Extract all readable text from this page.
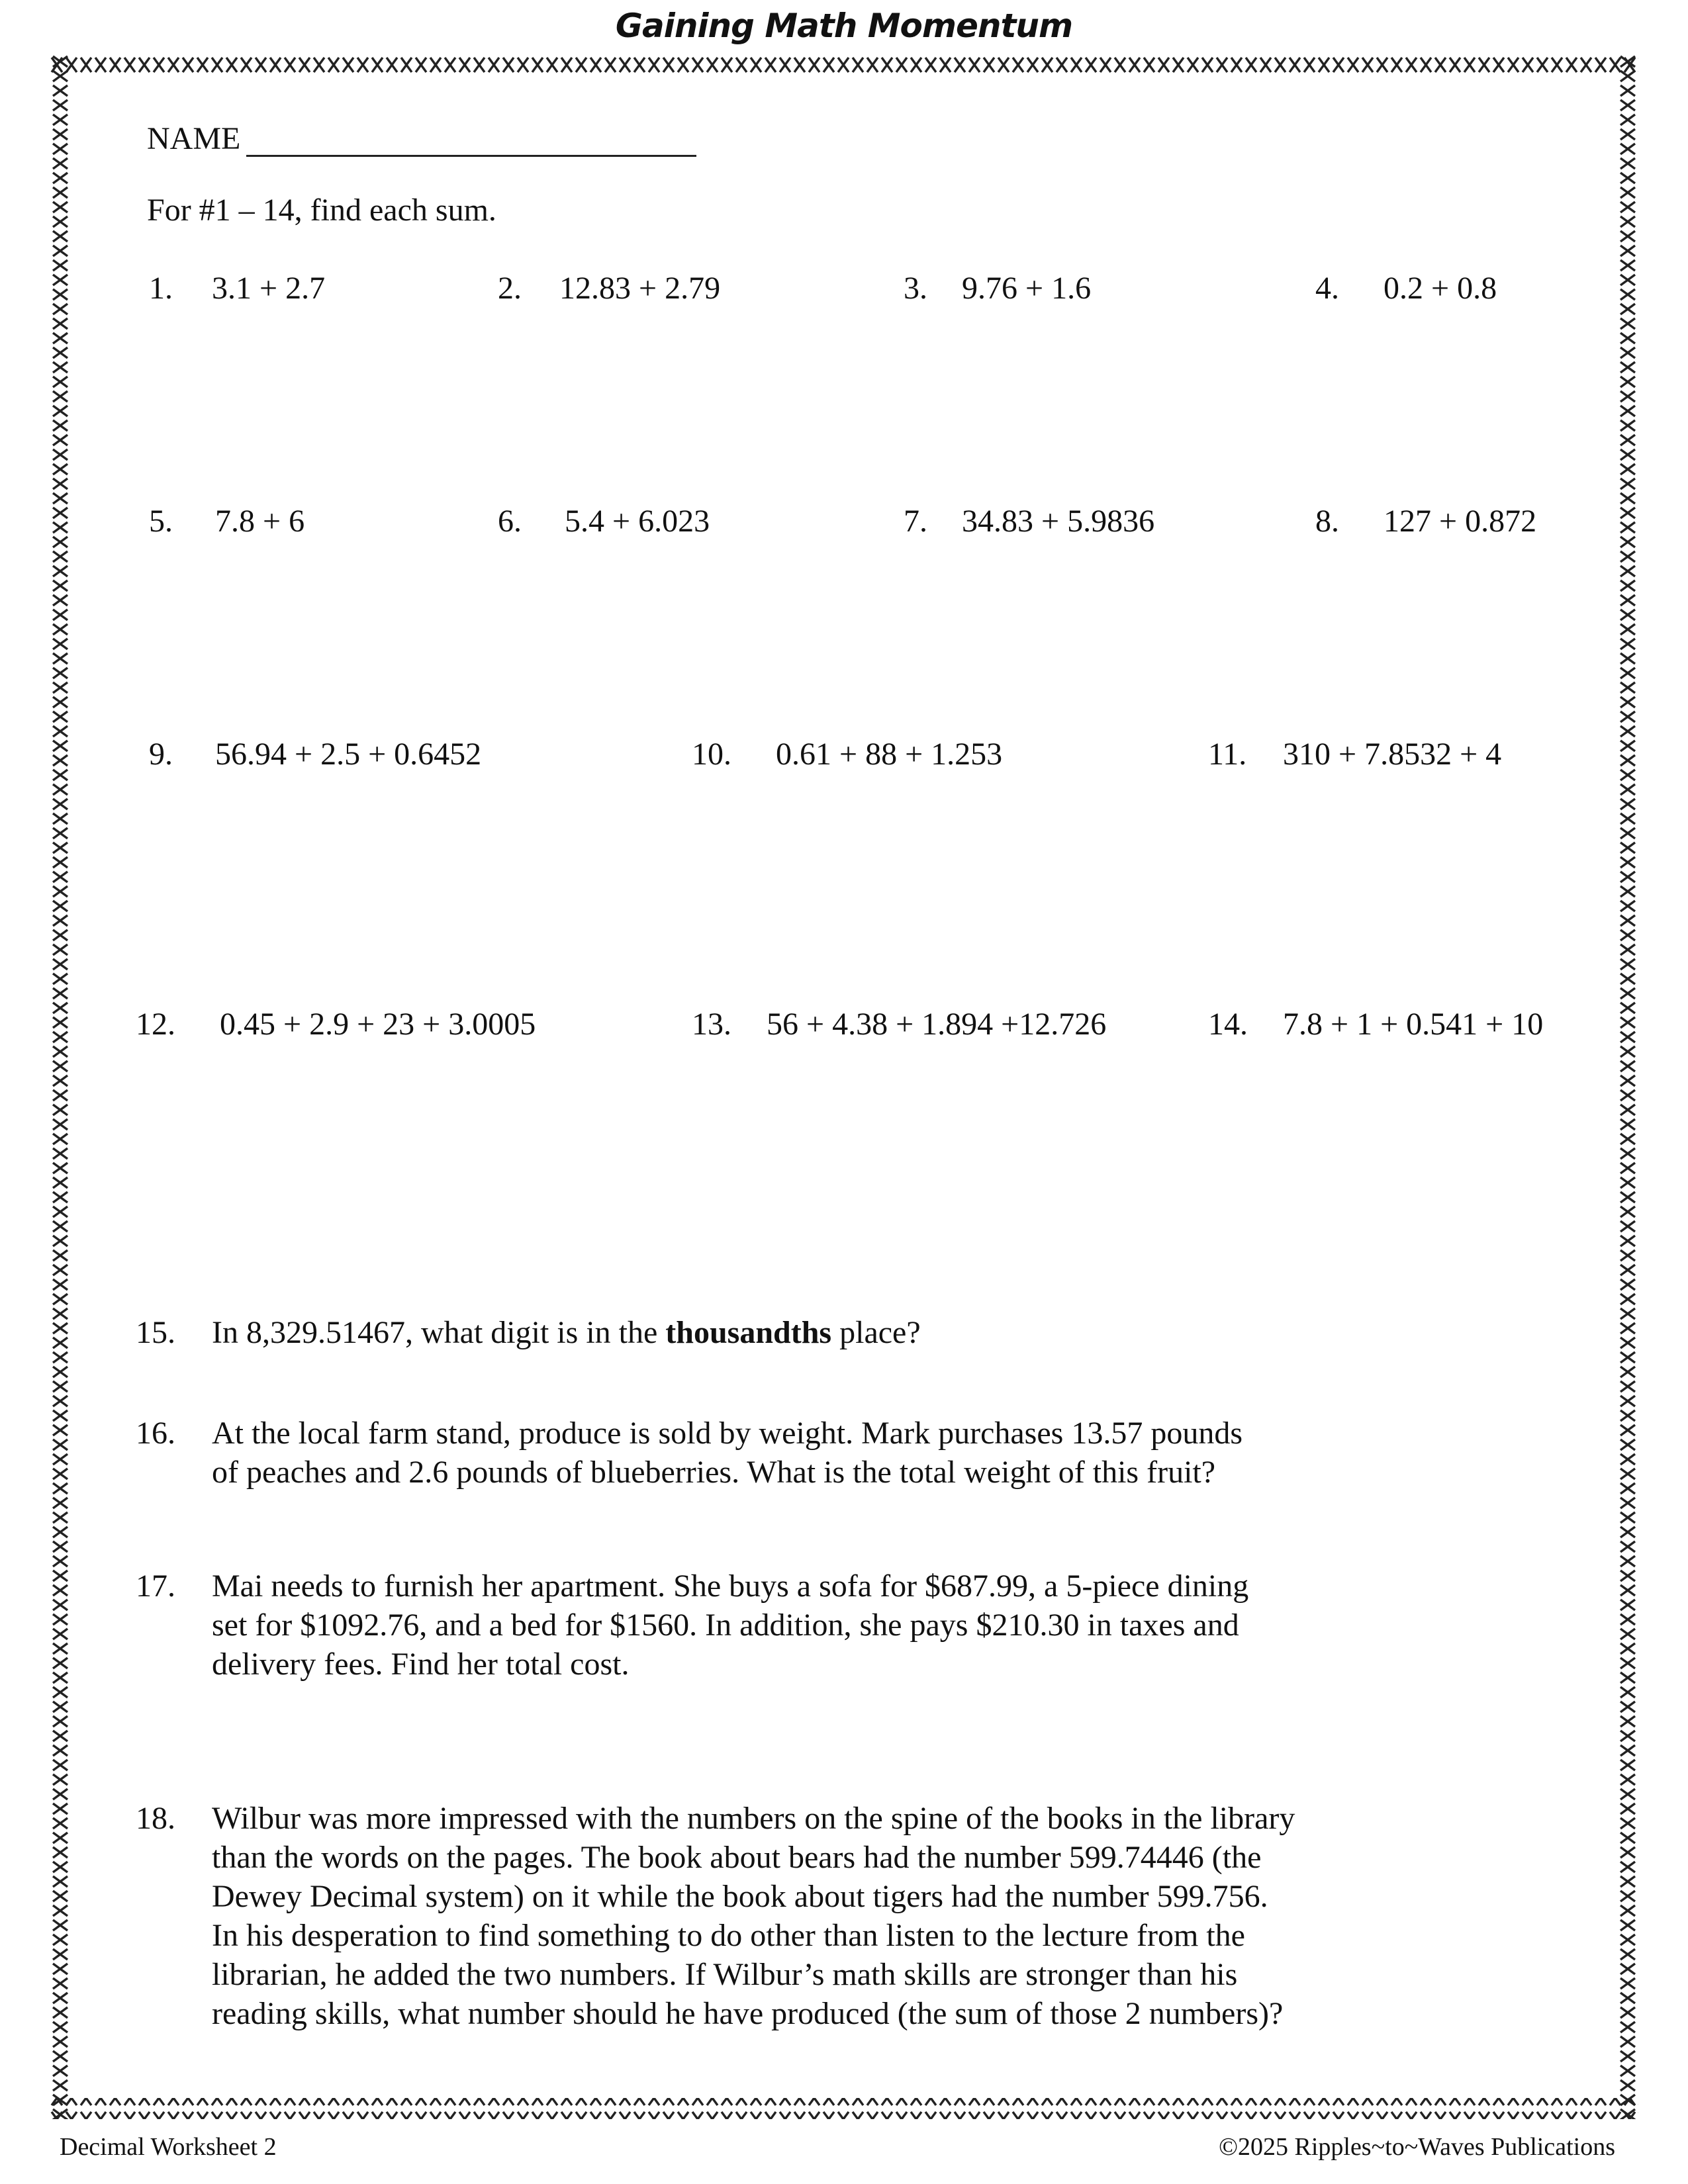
Gaining Math Momentum
NAME
For #1 – 14, find each sum.
1. 3.1 + 2.7	2. 12.83 + 2.79	3. 9.76 + 1.6	4. 0.2 + 0.8
5. 7.8 + 6	6. 5.4 + 6.023	7. 34.83 + 5.9836	8. 127 + 0.872
9. 56.94 + 2.5 + 0.6452	10. 0.61 + 88 + 1.253	11. 310 + 7.8532 + 4
12. 0.45 + 2.9 + 23 + 3.0005	13. 56 + 4.38 + 1.894 +12.726	14. 7.8 + 1 + 0.541 + 10
15. In 8,329.51467, what digit is in the thousandths place?
16. At the local farm stand, produce is sold by weight. Mark purchases 13.57 pounds
of peaches and 2.6 pounds of blueberries. What is the total weight of this fruit?
17. Mai needs to furnish her apartment. She buys a sofa for $687.99, a 5-piece dining
set for $1092.76, and a bed for $1560. In addition, she pays $210.30 in taxes and
delivery fees. Find her total cost.
18. Wilbur was more impressed with the numbers on the spine of the books in the library
than the words on the pages. The book about bears had the number 599.74446 (the
Dewey Decimal system) on it while the book about tigers had the number 599.756.
In his desperation to find something to do other than listen to the lecture from the
librarian, he added the two numbers. If Wilbur’s math skills are stronger than his
reading skills, what number should he have produced (the sum of those 2 numbers)?
Decimal Worksheet 2	©2025 Ripples~to~Waves Publications
